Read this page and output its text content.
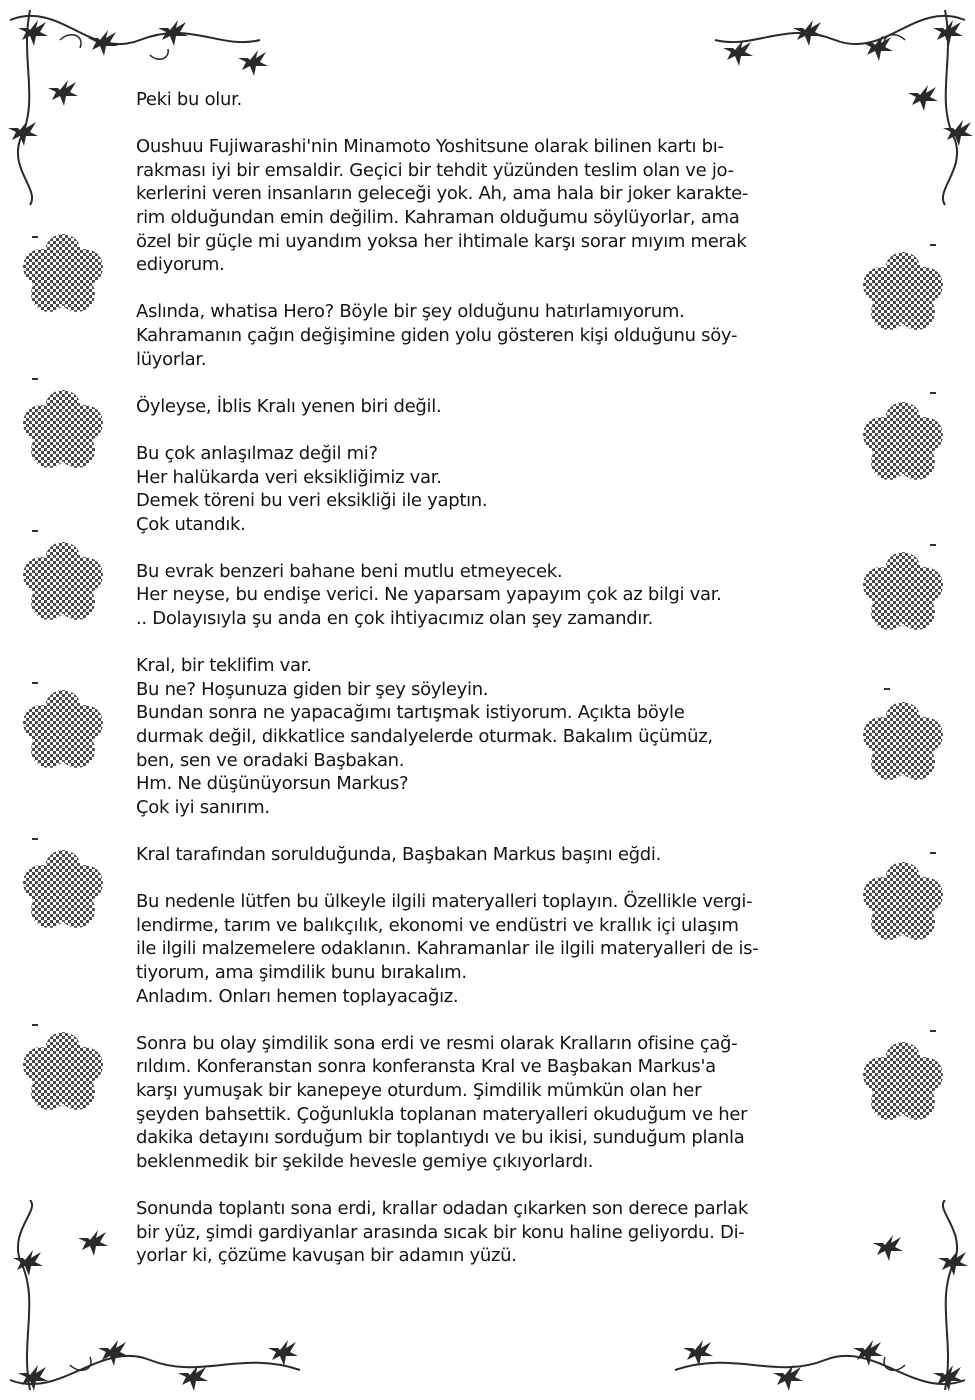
Peki bu olur.
Oushuu Fujiwarashi'nin Minamoto Yoshitsune olarak bilinen kartı bı-
rakması iyi bir emsaldir. Geçici bir tehdit yüzünden teslim olan ve jo-
kerlerini veren insanların geleceği yok. Ah, ama hala bir joker karakte-
rim olduğundan emin değilim. Kahraman olduğumu söylüyorlar, ama
özel bir güçle mi uyandım yoksa her ihtimale karşı sorar mıyım merak
ediyorum.
Aslında, whatisa Hero? Böyle bir şey olduğunu hatırlamıyorum.
Kahramanın çağın değişimine giden yolu gösteren kişi olduğunu söy-
lüyorlar.
Öyleyse, İblis Kralı yenen biri değil.
Bu çok anlaşılmaz değil mi?
Her halükarda veri eksikliğimiz var.
Demek töreni bu veri eksikliği ile yaptın.
Çok utandık.
Bu evrak benzeri bahane beni mutlu etmeyecek.
Her neyse, bu endişe verici. Ne yaparsam yapayım çok az bilgi var.
.. Dolayısıyla şu anda en çok ihtiyacımız olan şey zamandır.
Kral, bir teklifim var.
Bu ne? Hoşunuza giden bir şey söyleyin.
Bundan sonra ne yapacağımı tartışmak istiyorum. Açıkta böyle
durmak değil, dikkatlice sandalyelerde oturmak. Bakalım üçümüz,
ben, sen ve oradaki Başbakan.
Hm. Ne düşünüyorsun Markus?
Çok iyi sanırım.
Kral tarafından sorulduğunda, Başbakan Markus başını eğdi.
Bu nedenle lütfen bu ülkeyle ilgili materyalleri toplayın. Özellikle vergi-
lendirme, tarım ve balıkçılık, ekonomi ve endüstri ve krallık içi ulaşım
ile ilgili malzemelere odaklanın. Kahramanlar ile ilgili materyalleri de is-
tiyorum, ama şimdilik bunu bırakalım.
Anladım. Onları hemen toplayacağız.
Sonra bu olay şimdilik sona erdi ve resmi olarak Kralların ofisine çağ-
rıldım. Konferanstan sonra konferansta Kral ve Başbakan Markus'a
karşı yumuşak bir kanepeye oturdum. Şimdilik mümkün olan her
şeyden bahsettik. Çoğunlukla toplanan materyalleri okuduğum ve her
dakika detayını sorduğum bir toplantıydı ve bu ikisi, sunduğum planla
beklenmedik bir şekilde hevesle gemiye çıkıyorlardı.
Sonunda toplantı sona erdi, krallar odadan çıkarken son derece parlak
bir yüz, şimdi gardiyanlar arasında sıcak bir konu haline geliyordu. Di-
yorlar ki, çözüme kavuşan bir adamın yüzü.
